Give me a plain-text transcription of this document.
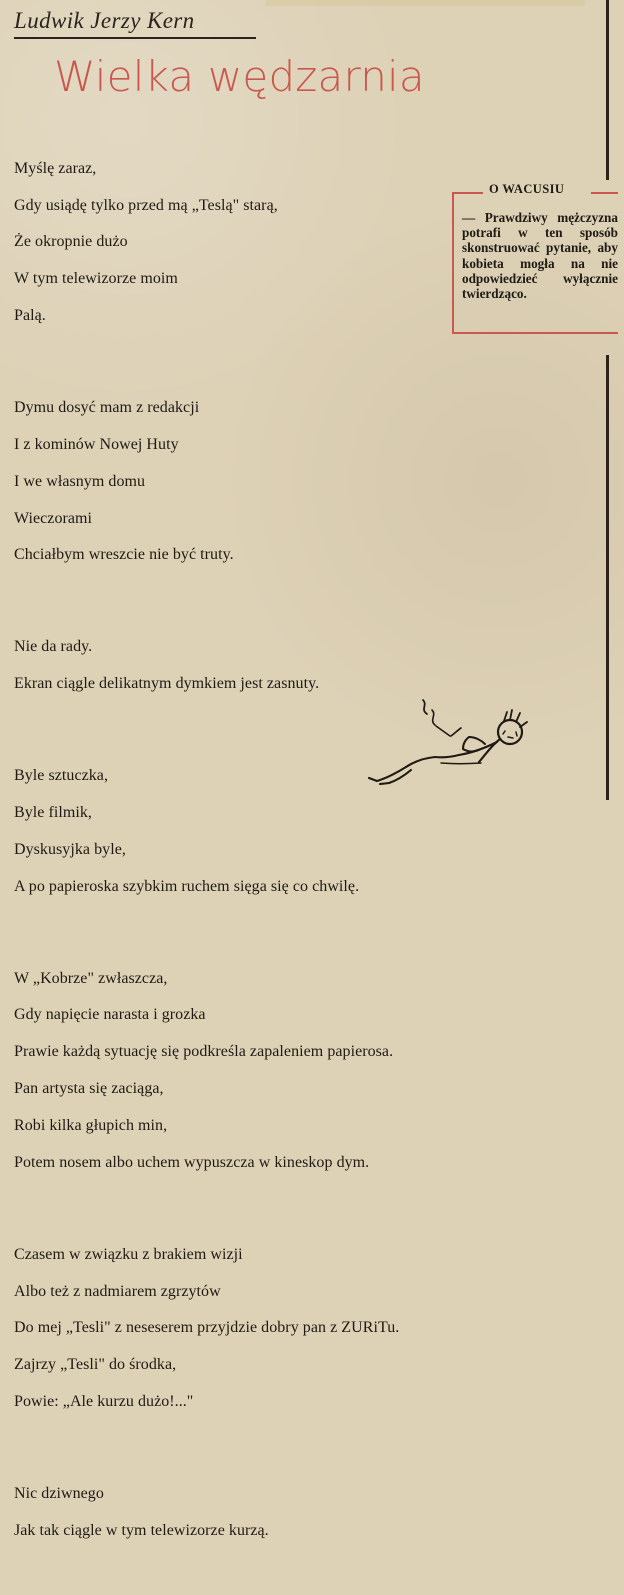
Ludwik Jerzy Kern
Wielka wędzarnia

Myślę zaraz,

Gdy usiądę tylko przed mą „Teslą" starą,

Że okropnie dużo

W tym telewizorze moim

Palą.

Dymu dosyć mam z redakcji

I z kominów Nowej Huty

I we własnym domu

Wieczorami

Chciałbym wreszcie nie być truty.

Nie da rady.

Ekran ciągle delikatnym dymkiem jest zasnuty.

Byle sztuczka,

Byle filmik,

Dyskusyjka byle,

A po papieroska szybkim ruchem sięga się co chwilę.

W „Kobrze" zwłaszcza,

Gdy napięcie narasta i grozka

Prawie każdą sytuację się podkreśla zapaleniem papierosa.

Pan artysta się zaciąga,

Robi kilka głupich min,

Potem nosem albo uchem wypuszcza w kineskop dym.

Czasem w związku z brakiem wizji

Albo też z nadmiarem zgrzytów

Do mej „Tesli" z neseserem przyjdzie dobry pan z ZURiTu.

Zajrzy „Tesli" do środka,

Powie: „Ale kurzu dużo!..."

Nic dziwnego

Jak tak ciągle w tym telewizorze kurzą.

O WACUSIU
— Prawdziwy mężczyzna potrafi w ten sposób skonstruować pytanie, aby kobieta mogła na nie odpowiedzieć wyłącznie twierdząco.
